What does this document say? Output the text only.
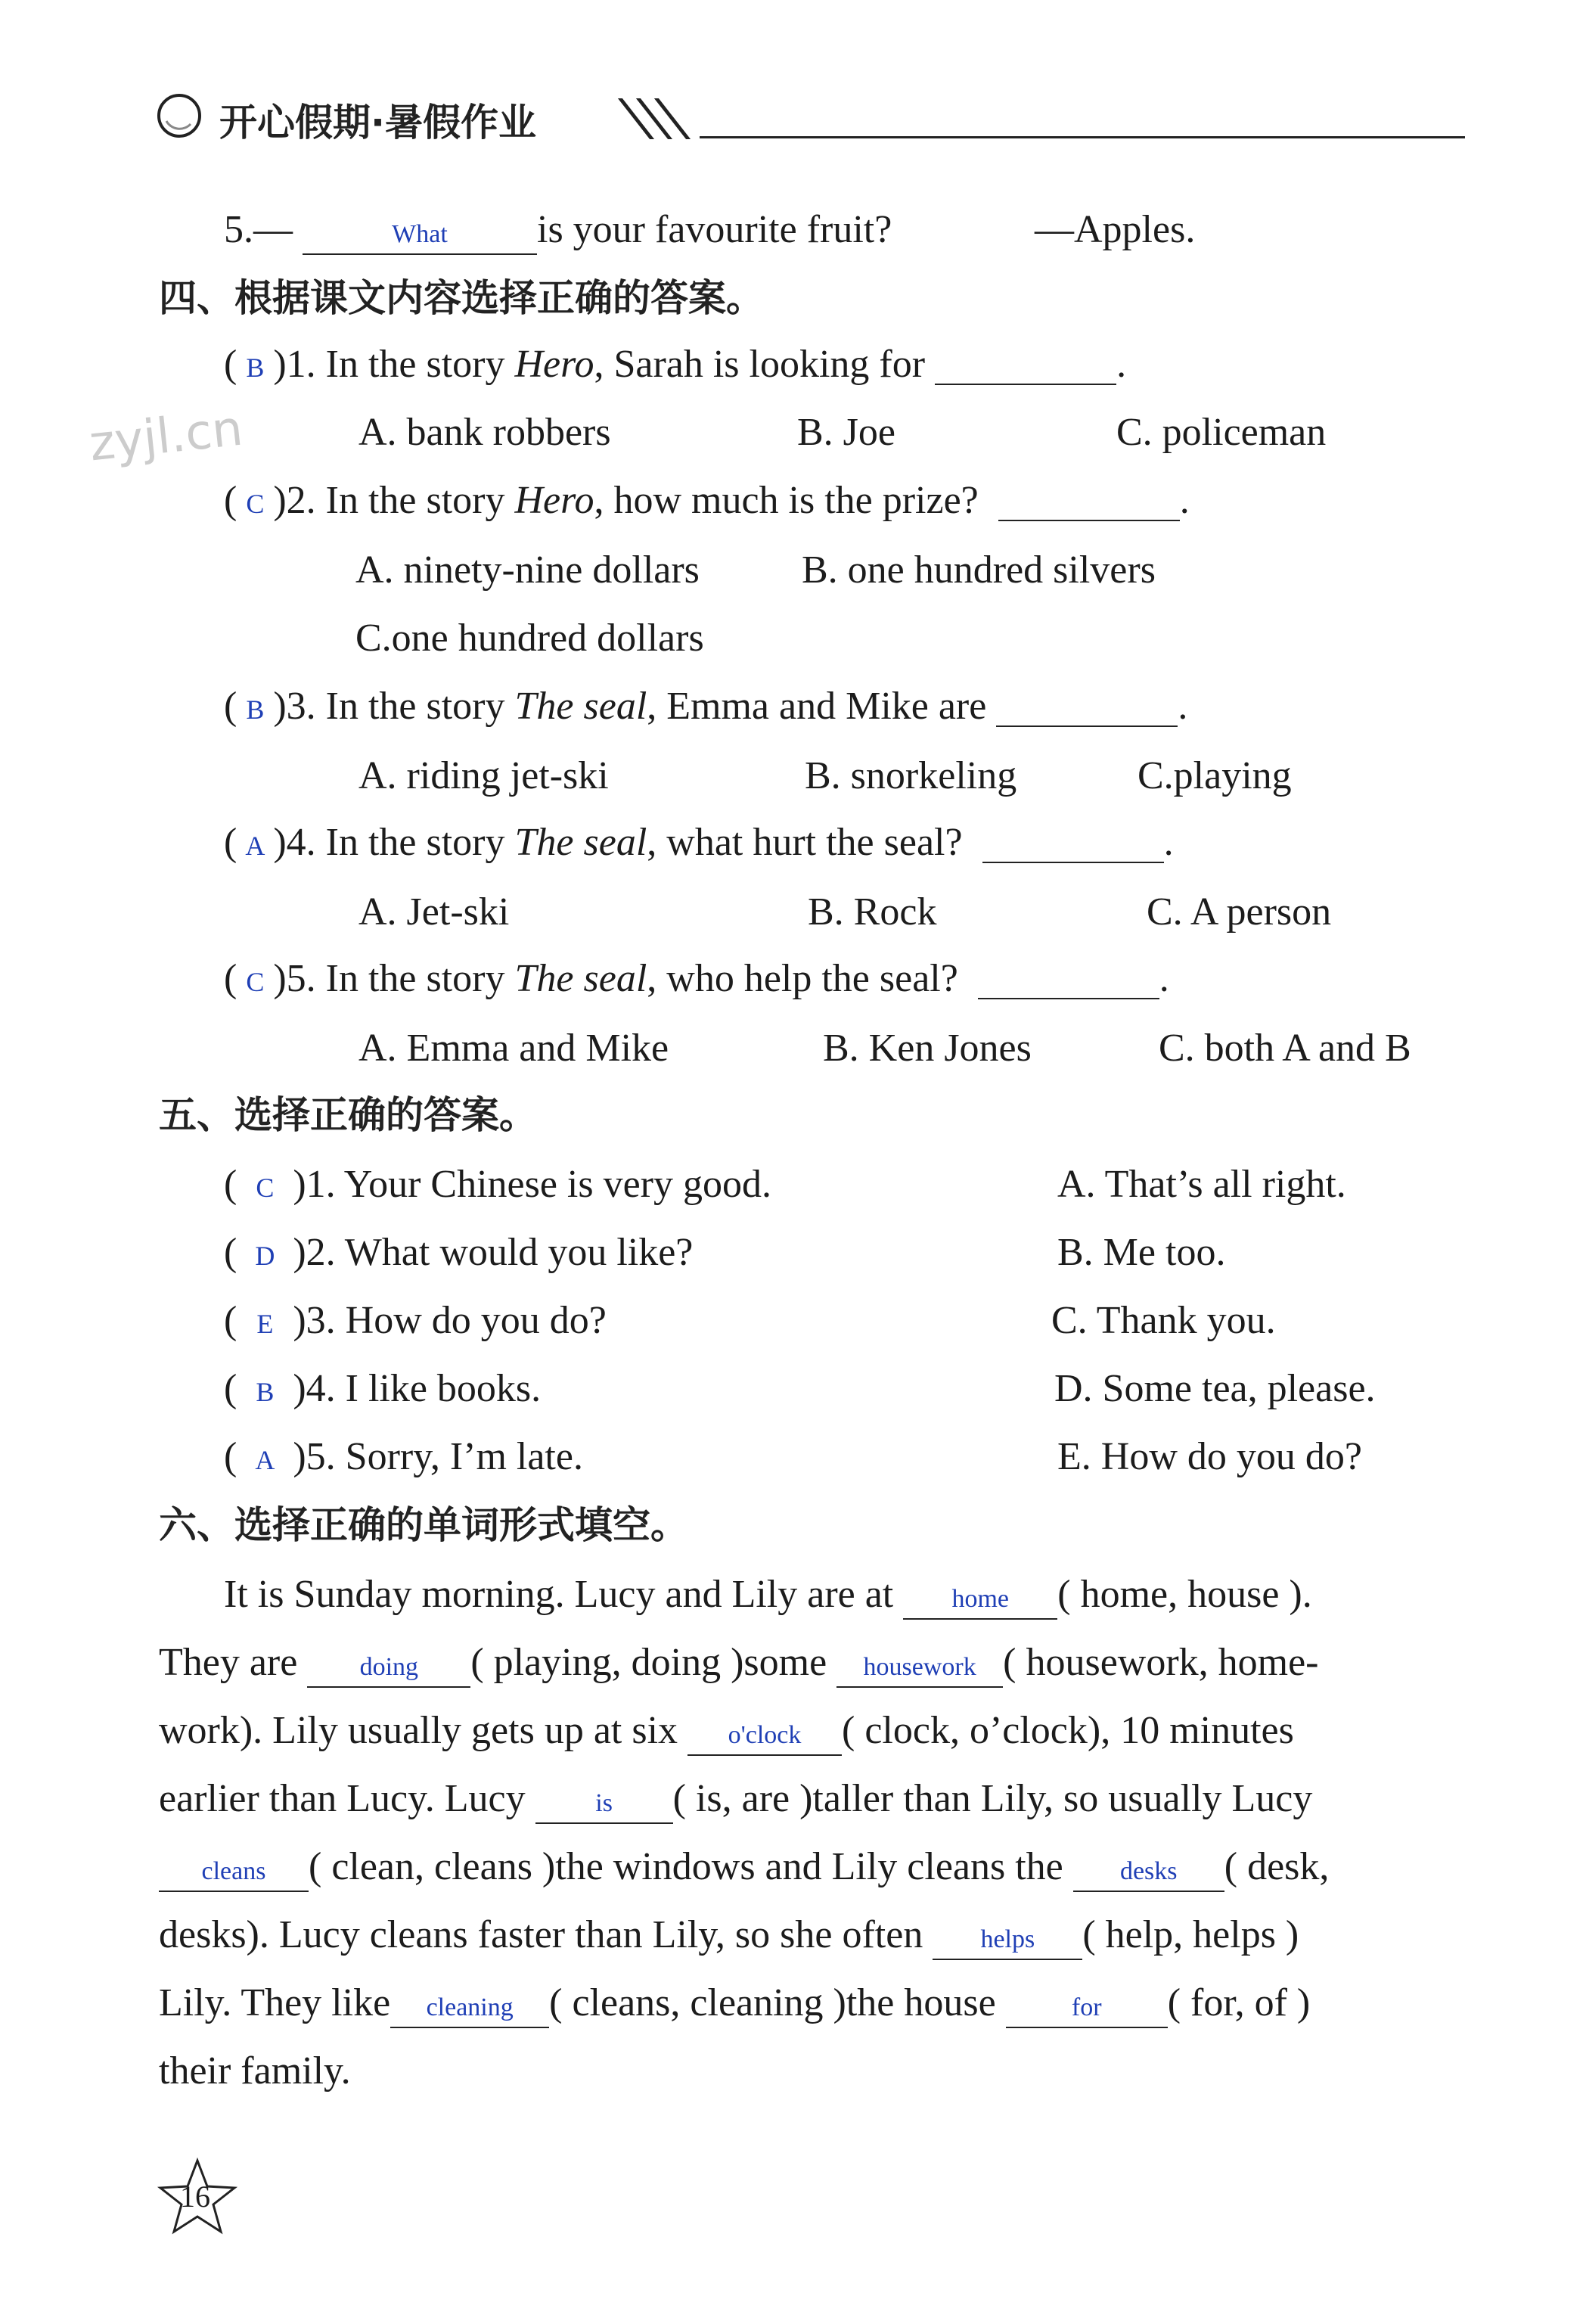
开心假期·暑假作业
5.—	What is your favourite fruit?	—Apples.
四、根据课文内容选择正确的答案。
zyjl.cn
( B )1. In the story Hero, Sarah is looking for	.
A. bank robbers	B. Joe	C. policeman
( C )2. In the story Hero, how much is the prize?	.
A. ninety-nine dollars	B. one hundred silvers
C.one hundred dollars
( B )3. In the story The seal, Emma and Mike are	.
A. riding jet-ski	B. snorkeling	C.playing
( A )4. In the story The seal, what hurt the seal?	.
A. Jet-ski	B. Rock	C. A person
( C )5. In the story The seal, who help the seal?	.
A. Emma and Mike	B. Ken Jones	C. both A and B
五、选择正确的答案。
( C )1. Your Chinese is very good.	A. That’s all right.
( D )2. What would you like?	B. Me too.
( E )3. How do you do?	C. Thank you.
( B )4. I like books.	D. Some tea, please.
( A )5. Sorry, I’m late.	E. How do you do?
六、选择正确的单词形式填空。
It is Sunday morning. Lucy and Lily are at home ( home, house ).
They are doing ( playing, doing )some housework ( housework, home-
work). Lily usually gets up at six o'clock ( clock, o’clock), 10 minutes
earlier than Lucy. Lucy	is ( is, are )taller than Lily, so usually Lucy
cleans ( clean, cleans )the windows and Lily cleans the desks ( desk,
desks). Lucy cleans faster than Lily, so she often helps ( help, helps )
Lily. They like cleaning ( cleans, cleaning )the house	for ( for, of )
their family.
16
